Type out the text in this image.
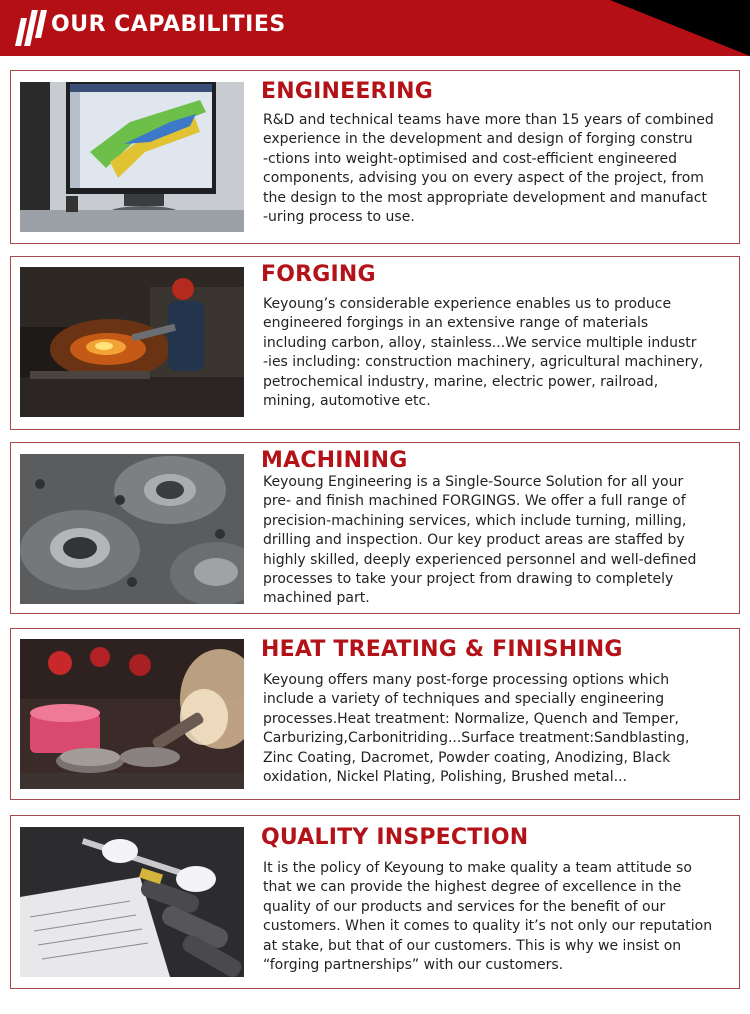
OUR CAPABILITIES
ENGINEERING
R&D and technical teams have more than 15 years of combined
experience in the development and design of forging constru
-ctions into weight-optimised and cost-efficient engineered
components, advising you on every aspect of the project, from
the design to the most appropriate development and manufact
-uring process to use.
FORGING
Keyoung’s considerable experience enables us to produce
engineered forgings in an extensive range of materials
including carbon, alloy, stainless...We service multiple industr
-ies including: construction machinery, agricultural machinery,
petrochemical industry, marine, electric power, railroad,
mining, automotive etc.
MACHINING
Keyoung Engineering is a Single-Source Solution for all your
pre- and finish machined FORGINGS. We offer a full range of
precision-machining services, which include turning, milling,
drilling and inspection. Our key product areas are staffed by
highly skilled, deeply experienced personnel and well-defined
processes to take your project from drawing to completely
machined part.
HEAT TREATING & FINISHING
Keyoung offers many post-forge processing options which
include a variety of techniques and specially engineering
processes.Heat treatment: Normalize, Quench and Temper,
Carburizing,Carbonitriding...Surface treatment:Sandblasting,
Zinc Coating, Dacromet, Powder coating, Anodizing, Black
oxidation, Nickel Plating, Polishing, Brushed metal...
QUALITY INSPECTION
It is the policy of Keyoung to make quality a team attitude so
that we can provide the highest degree of excellence in the
quality of our products and services for the benefit of our
customers. When it comes to quality it’s not only our reputation
at stake, but that of our customers. This is why we insist on
“forging partnerships” with our customers.
